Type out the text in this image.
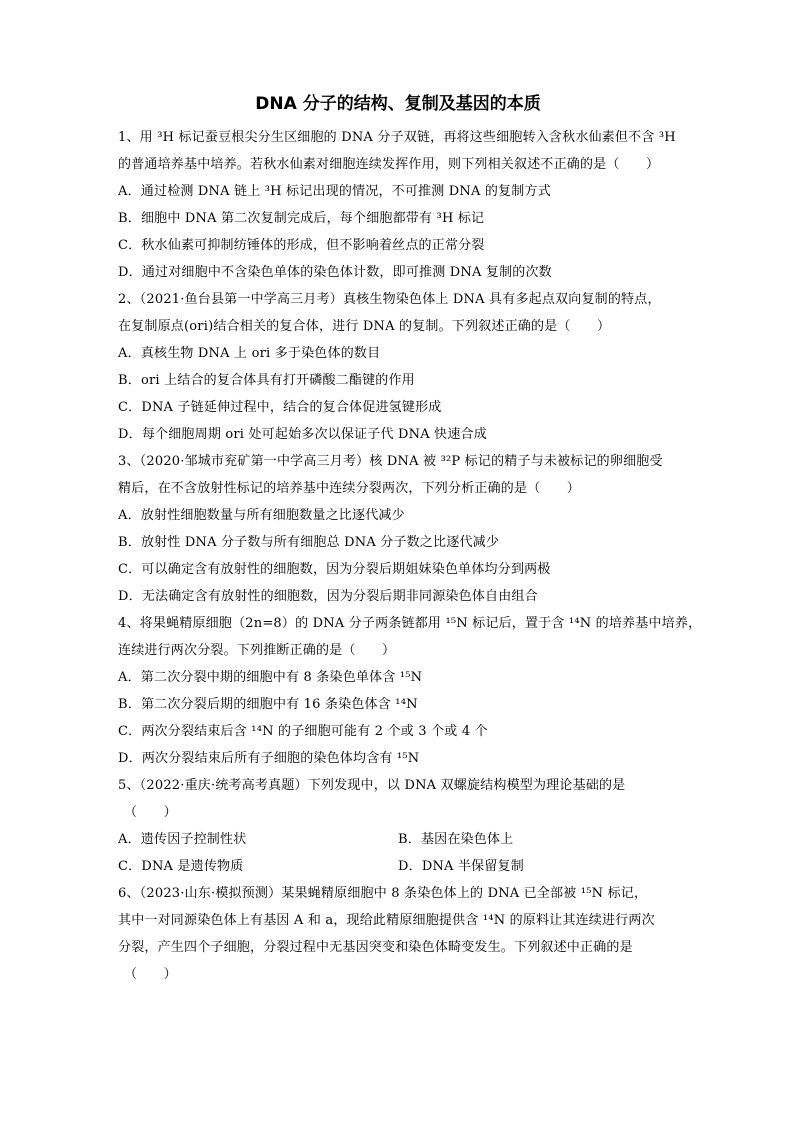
DNA 分子的结构、复制及基因的本质
1、用 ³H 标记蚕豆根尖分生区细胞的 DNA 分子双链，再将这些细胞转入含秋水仙素但不含 ³H
的普通培养基中培养。若秋水仙素对细胞连续发挥作用，则下列相关叙述不正确的是（　　）
A．通过检测 DNA 链上 ³H 标记出现的情况，不可推测 DNA 的复制方式
B．细胞中 DNA 第二次复制完成后，每个细胞都带有 ³H 标记
C．秋水仙素可抑制纺锤体的形成，但不影响着丝点的正常分裂
D．通过对细胞中不含染色单体的染色体计数，即可推测 DNA 复制的次数
2、（2021·鱼台县第一中学高三月考）真核生物染色体上 DNA 具有多起点双向复制的特点，
在复制原点(ori)结合相关的复合体，进行 DNA 的复制。下列叙述正确的是（　　）
A．真核生物 DNA 上 ori 多于染色体的数目
B．ori 上结合的复合体具有打开磷酸二酯键的作用
C．DNA 子链延伸过程中，结合的复合体促进氢键形成
D．每个细胞周期 ori 处可起始多次以保证子代 DNA 快速合成
3、（2020·邹城市兖矿第一中学高三月考）核 DNA 被 ³²P 标记的精子与未被标记的卵细胞受
精后，在不含放射性标记的培养基中连续分裂两次，下列分析正确的是（　　）
A．放射性细胞数量与所有细胞数量之比逐代减少
B．放射性 DNA 分子数与所有细胞总 DNA 分子数之比逐代减少
C．可以确定含有放射性的细胞数，因为分裂后期姐妹染色单体均分到两极
D．无法确定含有放射性的细胞数，因为分裂后期非同源染色体自由组合
4、将果蝇精原细胞（2n=8）的 DNA 分子两条链都用 ¹⁵N 标记后，置于含 ¹⁴N 的培养基中培养，
连续进行两次分裂。下列推断正确的是（　　）
A．第二次分裂中期的细胞中有 8 条染色单体含 ¹⁵N
B．第二次分裂后期的细胞中有 16 条染色体含 ¹⁴N
C．两次分裂结束后含 ¹⁴N 的子细胞可能有 2 个或 3 个或 4 个
D．两次分裂结束后所有子细胞的染色体均含有 ¹⁵N
5、（2022·重庆·统考高考真题）下列发现中，以 DNA 双螺旋结构模型为理论基础的是
（　　）
A．遗传因子控制性状	B．基因在染色体上
C．DNA 是遗传物质	D．DNA 半保留复制
6、（2023·山东·模拟预测）某果蝇精原细胞中 8 条染色体上的 DNA 已全部被 ¹⁵N 标记，
其中一对同源染色体上有基因 A 和 a，现给此精原细胞提供含 ¹⁴N 的原料让其连续进行两次
分裂，产生四个子细胞，分裂过程中无基因突变和染色体畸变发生。下列叙述中正确的是
（　　）
